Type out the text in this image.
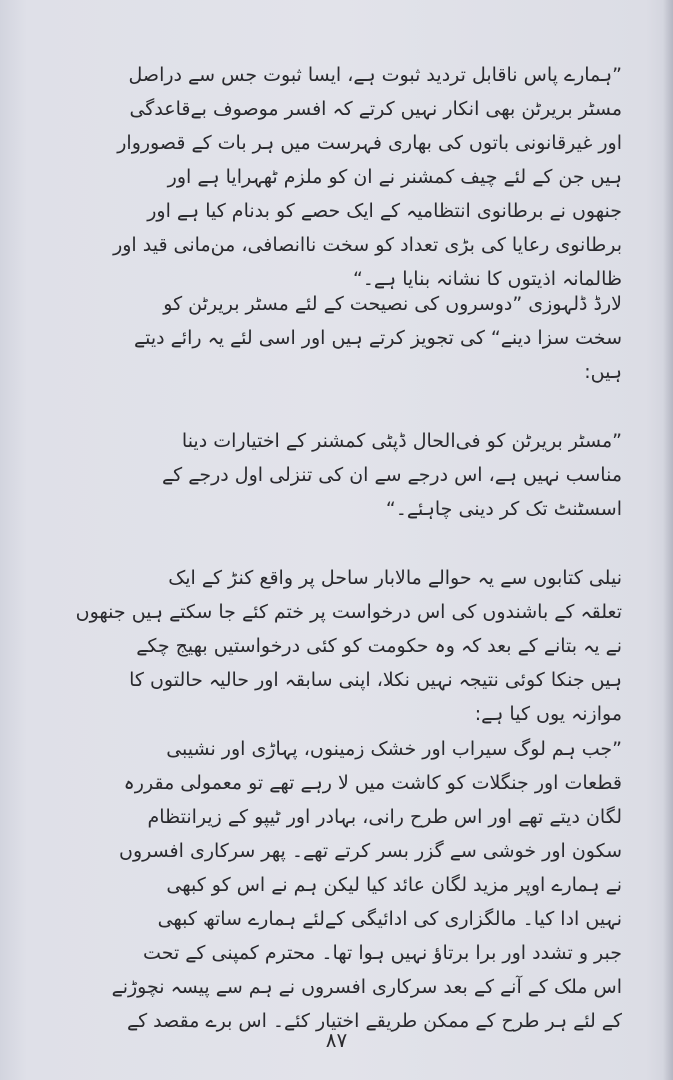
”ہمارے پاس ناقابل تردید ثبوت ہے، ایسا ثبوت جس سے دراصل
مسٹر بریرٹن بھی انکار نہیں کرتے کہ افسر موصوف بےقاعدگی
اور غیرقانونی باتوں کی بھاری فہرست میں ہر بات کے قصوروار
ہیں جن کے لئے چیف کمشنر نے ان کو ملزم ٹھہرایا ہے اور
جنھوں نے برطانوی انتظامیہ کے ایک حصے کو بدنام کیا ہے اور
برطانوی رعایا کی بڑی تعداد کو سخت ناانصافی، من‌مانی قید اور
ظالمانہ اذیتوں کا نشانہ بنایا ہے۔“
لارڈ ڈلہوزی ”دوسروں کی نصیحت کے لئے مسٹر بریرٹن کو
سخت سزا دینے“ کی تجویز کرتے ہیں اور اسی لئے یہ رائے دیتے
ہیں:
”مسٹر بریرٹن کو فی‌الحال ڈپٹی کمشنر کے اختیارات دینا
مناسب نہیں ہے، اس درجے سے ان کی تنزلی اول درجے کے
اسسٹنٹ تک کر دینی چاہئے۔“
نیلی کتابوں سے یہ حوالے مالابار ساحل پر واقع کنڑ کے ایک
تعلقہ کے باشندوں کی اس درخواست پر ختم کئے جا سکتے ہیں جنھوں
نے یہ بتانے کے بعد کہ وہ حکومت کو کئی درخواستیں بھیج چکے
ہیں جنکا کوئی نتیجہ نہیں نکلا، اپنی سابقہ اور حالیہ حالتوں کا
موازنہ یوں کیا ہے:
”جب ہم لوگ سیراب اور خشک زمینوں، پہاڑی اور نشیبی
قطعات اور جنگلات کو کاشت میں لا رہے تھے تو معمولی مقررہ
لگان دیتے تھے اور اس طرح رانی، بہادر اور ٹیپو کے زیرانتظام
سکون اور خوشی سے گزر بسر کرتے تھے۔ پھر سرکاری افسروں
نے ہمارے اوپر مزید لگان عائد کیا لیکن ہم نے اس کو کبھی
نہیں ادا کیا۔ مالگزاری کی ادائیگی کےلئے ہمارے ساتھ کبھی
جبر و تشدد اور برا برتاؤ نہیں ہوا تھا۔ محترم کمپنی کے تحت
اس ملک کے آنے کے بعد سرکاری افسروں نے ہم سے پیسہ نچوڑنے
کے لئے ہر طرح کے ممکن طریقے اختیار کئے۔ اس برے مقصد کے
۸۷
